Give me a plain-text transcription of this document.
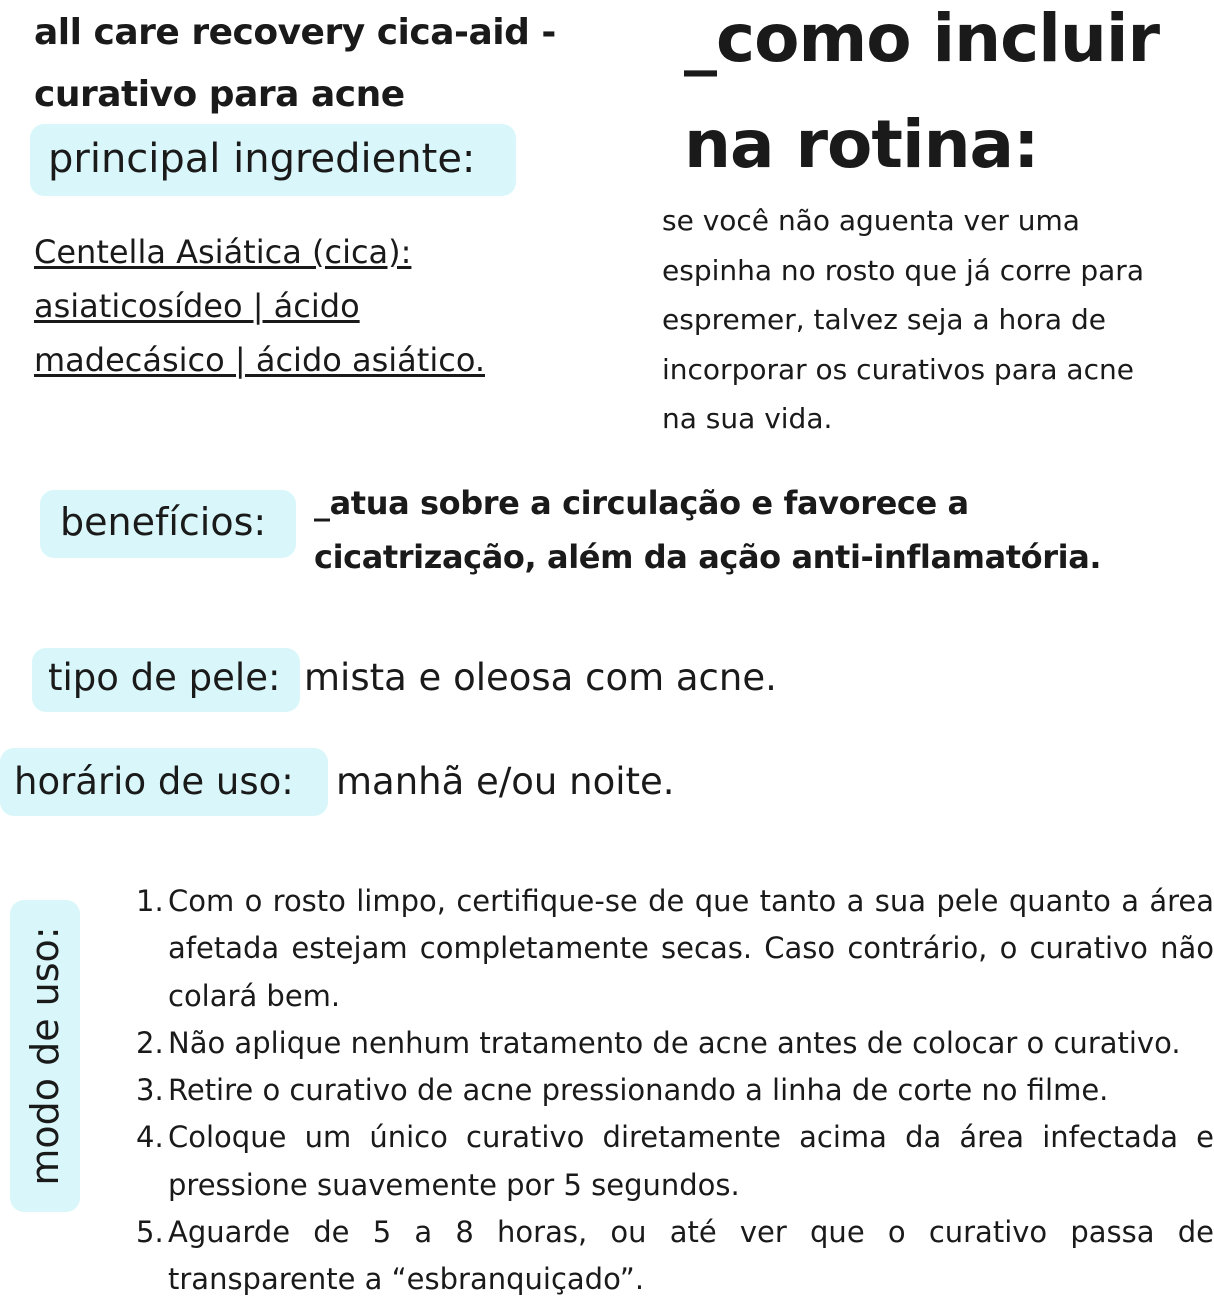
all care recovery cica-aid -
curativo para acne
principal ingrediente:
Centella Asiática (cica):
asiaticosídeo | ácido
madecásico | ácido asiático.
_como incluir
na rotina:
se você não aguenta ver uma
espinha no rosto que já corre para
espremer, talvez seja a hora de
incorporar os curativos para acne
na sua vida.
benefícios: _atua sobre a circulação e favorece a
cicatrização, além da ação anti-inflamatória.
tipo de pele: mista e oleosa com acne.
horário de uso: manhã e/ou noite.
modo de uso:
1. Com o rosto limpo, certifique-se de que tanto a sua pele quanto a área afetada estejam completamente secas. Caso contrário, o curativo não colará bem.
2. Não aplique nenhum tratamento de acne antes de colocar o curativo.
3. Retire o curativo de acne pressionando a linha de corte no filme.
4. Coloque um único curativo diretamente acima da área infectada e pressione suavemente por 5 segundos.
5. Aguarde de 5 a 8 horas, ou até ver que o curativo passa de transparente a “esbranquiçado”.
